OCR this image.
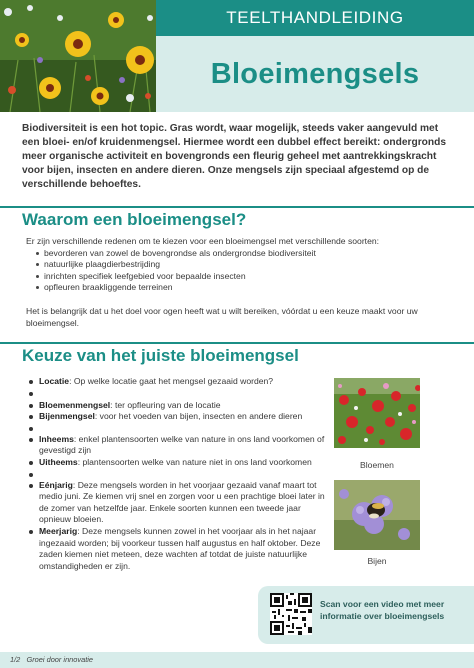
TEELTHANDLEIDING
Bloeimengsels

Biodiversiteit is een hot topic. Gras wordt, waar mogelijk, steeds vaker aangevuld met een bloei- en/of kruidenmengsel. Hiermee wordt een dubbel effect bereikt: ondergronds meer organische activiteit en bovengronds een fleurig geheel met aantrekkingskracht voor bijen, insecten en andere dieren. Onze mengsels zijn speciaal afgestemd op de verschillende behoeftes.

Waarom een bloeimengsel?

Er zijn verschillende redenen om te kiezen voor een bloeimengsel met verschillende soorten:

bevorderen van zowel de bovengrondse als ondergrondse biodiversiteit
natuurlijke plaagdierbestrijding
inrichten specifiek leefgebied voor bepaalde insecten
opfleuren braakliggende terreinen

Het is belangrijk dat u het doel voor ogen heeft wat u wilt bereiken, vóórdat u een keuze maakt voor uw bloeimengsel.

Keuze van het juiste bloeimengsel
Locatie: Op welke locatie gaat het mengsel gezaaid worden?
Bloemenmengsel: ter opfleuring van de locatie
Bijenmengsel: voor het voeden van bijen, insecten en andere dieren
Inheems: enkel plantensoorten welke van nature in ons land voorkomen of gevestigd zijn
Uitheems: plantensoorten welke van nature niet in ons land voorkomen
Eénjarig: Deze mengsels worden in het voorjaar gezaaid vanaf maart tot medio juni. Ze kiemen vrij snel en zorgen voor u een prachtige bloei later in de zomer van hetzelfde jaar. Enkele soorten kunnen een tweede jaar opnieuw bloeien.
Meerjarig: Deze mengsels kunnen zowel in het voorjaar als in het najaar ingezaaid worden; bij voorkeur tussen half augustus en half oktober. Deze zaden kiemen niet meteen, deze wachten af totdat de juiste natuurlijke omstandigheden er zijn.
Bloemen
Bijen

Scan voor een video met meer informatie over bloeimengsels

1/2 Groei door innovatie
